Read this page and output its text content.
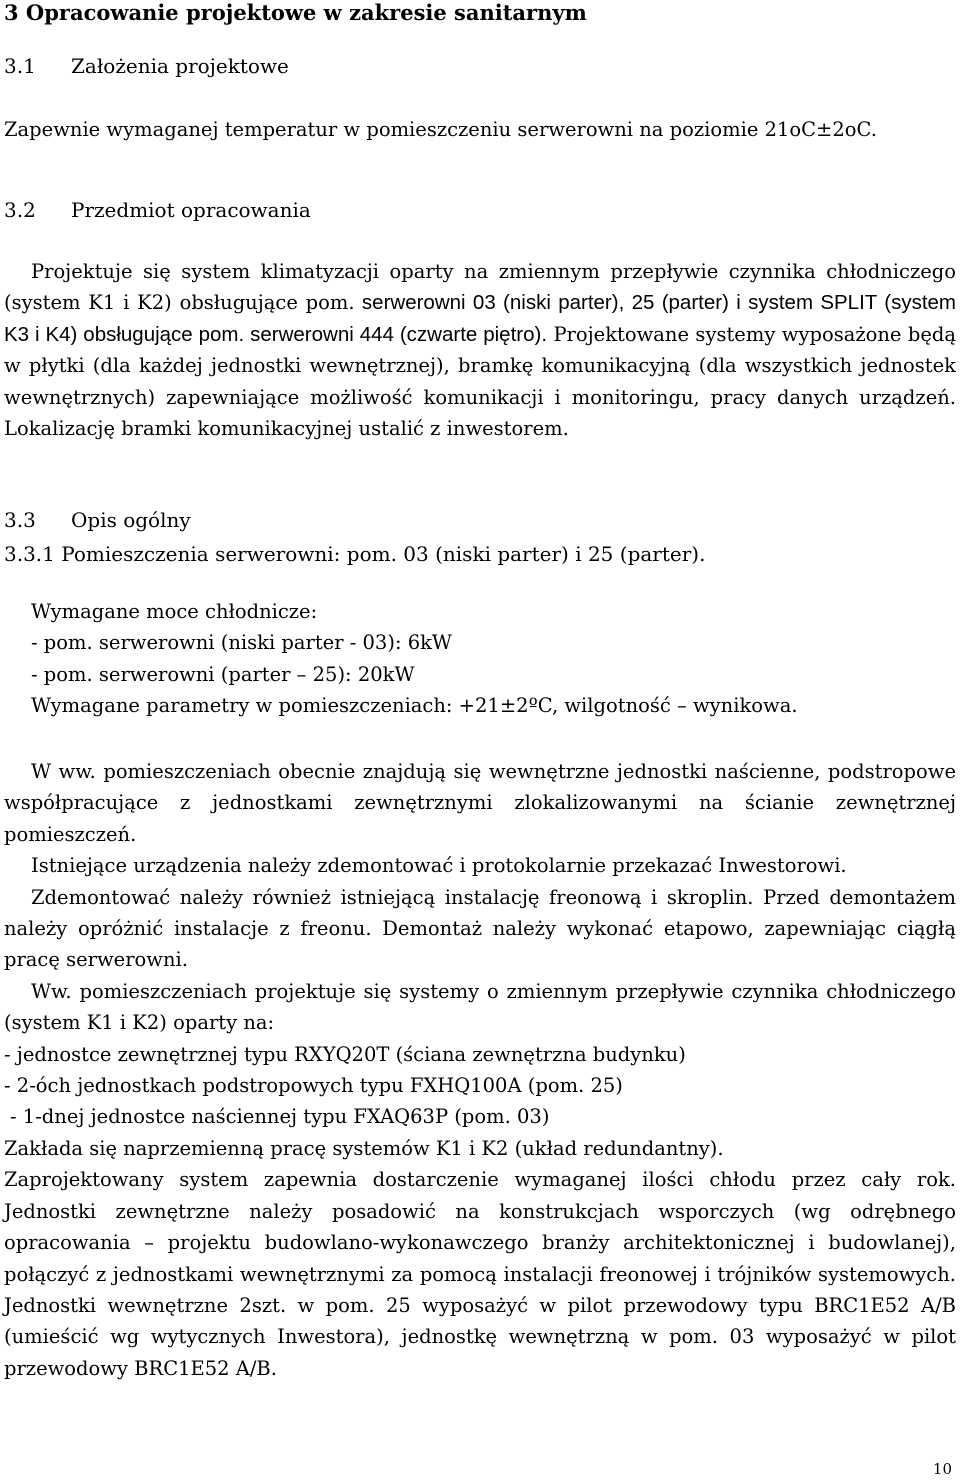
3 Opracowanie projektowe w zakresie sanitarnym
3.1 Założenia projektowe
Zapewnie wymaganej temperatur w pomieszczeniu serwerowni na poziomie 21oC±2oC.
3.2 Przedmiot opracowania
Projektuje się system klimatyzacji oparty na zmiennym przepływie czynnika chłodniczego (system K1 i K2) obsługujące pom. serwerowni 03 (niski parter), 25 (parter) i system SPLIT (system K3 i K4) obsługujące pom. serwerowni 444 (czwarte piętro). Projektowane systemy wyposażone będą w płytki (dla każdej jednostki wewnętrznej), bramkę komunikacyjną (dla wszystkich jednostek wewnętrznych) zapewniające możliwość komunikacji i monitoringu, pracy danych urządzeń. Lokalizację bramki komunikacyjnej ustalić z inwestorem.
3.3 Opis ogólny
3.3.1 Pomieszczenia serwerowni: pom. 03 (niski parter) i 25 (parter).
Wymagane moce chłodnicze:
- pom. serwerowni (niski parter - 03): 6kW
- pom. serwerowni (parter – 25): 20kW
Wymagane parametry w pomieszczeniach: +21±2ºC, wilgotność – wynikowa.

W ww. pomieszczeniach obecnie znajdują się wewnętrzne jednostki naścienne, podstropowe współpracujące z jednostkami zewnętrznymi zlokalizowanymi na ścianie zewnętrznej pomieszczeń.

Istniejące urządzenia należy zdemontować i protokolarnie przekazać Inwestorowi.

Zdemontować należy również istniejącą instalację freonową i skroplin. Przed demontażem należy opróżnić instalacje z freonu. Demontaż należy wykonać etapowo, zapewniając ciągłą pracę serwerowni.

Ww. pomieszczeniach projektuje się systemy o zmiennym przepływie czynnika chłodniczego (system K1 i K2) oparty na:

- jednostce zewnętrznej typu RXYQ20T (ściana zewnętrzna budynku)
- 2-óch jednostkach podstropowych typu FXHQ100A (pom. 25)
- 1-dnej jednostce naściennej typu FXAQ63P (pom. 03)

Zakłada się naprzemienną pracę systemów K1 i K2 (układ redundantny).

Zaprojektowany system zapewnia dostarczenie wymaganej ilości chłodu przez cały rok. Jednostki zewnętrzne należy posadowić na konstrukcjach wsporczych (wg odrębnego opracowania – projektu budowlano-wykonawczego branży architektonicznej i budowlanej), połączyć z jednostkami wewnętrznymi za pomocą instalacji freonowej i trójników systemowych. Jednostki wewnętrzne 2szt. w pom. 25 wyposażyć w pilot przewodowy typu BRC1E52 A/B (umieścić wg wytycznych Inwestora), jednostkę wewnętrzną w pom. 03 wyposażyć w pilot przewodowy BRC1E52 A/B.

10
